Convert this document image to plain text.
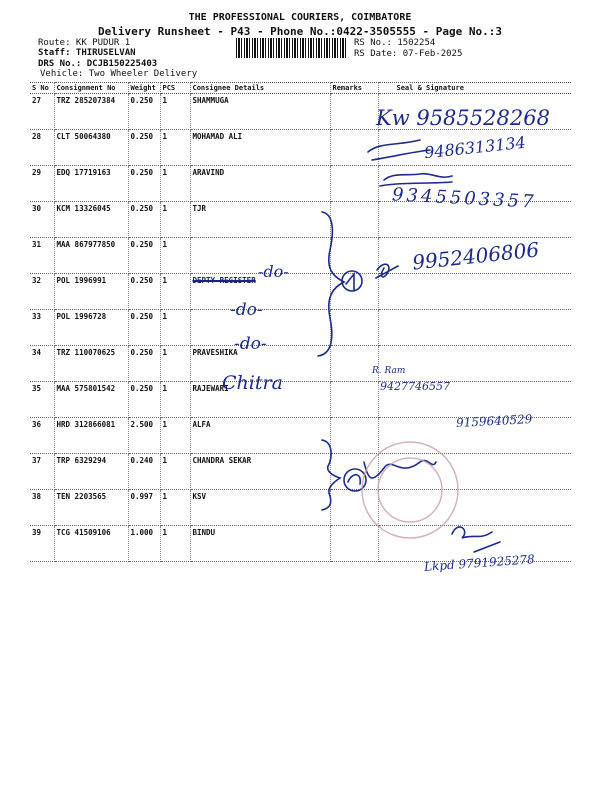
THE PROFESSIONAL COURIERS, COIMBATORE
Delivery Runsheet - P43 - Phone No.:0422-3505555 - Page No.:3
Route: KK PUDUR 1
Staff: THIRUSELVAN
DRS No.: DCJB150225403
Vehicle: Two Wheeler Delivery
RS No.: 1502254
RS Date: 07-Feb-2025
S No	Consignment No	Weight	PCS	Consignee Details	Remarks	Seal & Signature
27	TRZ 285207384	0.250	1	SHAMMUGA		
28	CLT 50064380	0.250	1	MOHAMAD ALI		
29	EDQ 17719163	0.250	1	ARAVIND		
30	KCM 13326045	0.250	1	TJR		
31	MAA 867977850	0.250	1			
32	POL 1996991	0.250	1	DEPTY REGISTER		
33	POL 1996728	0.250	1			
34	TRZ 110070625	0.250	1	PRAVESHIKA		
35	MAA 575801542	0.250	1	RAJEWARI		
36	HRD 312866081	2.500	1	ALFA		
37	TRP 6329294	0.240	1	CHANDRA SEKAR		
38	TEN 2203565	0.997	1	KSV		
39	TCG 41509106	1.000	1	BINDU		
Kw 9585528268
9486313134
9345503357
9952406806
-do-
-do-
-do-
Chitra
R. Ram
9427746557
9159640529
Lkpd 9791925278
